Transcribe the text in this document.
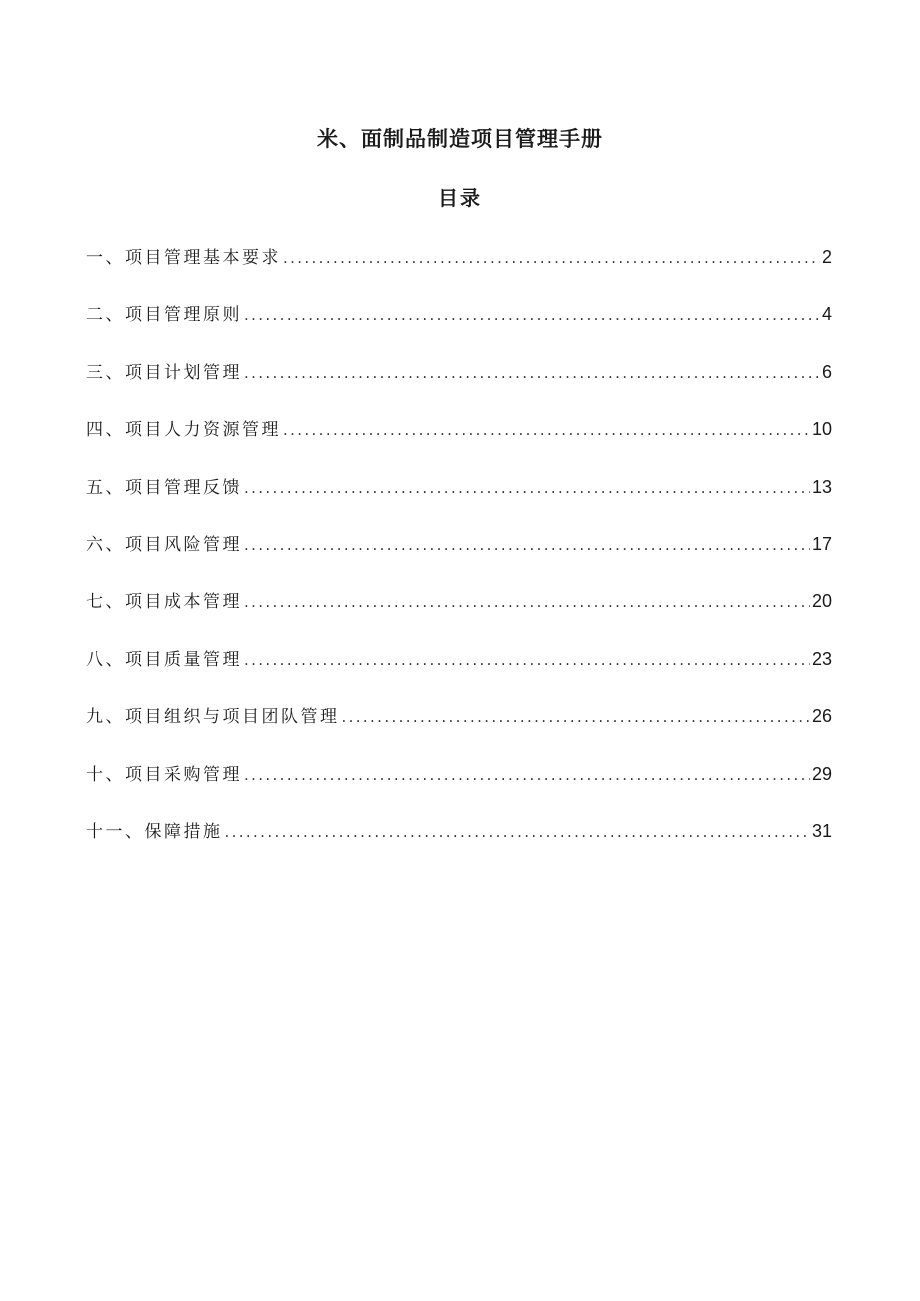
米、面制品制造项目管理手册
目录
一、项目管理基本要求 . . .	2
二、项目管理原则 . . .	4
三、项目计划管理 . . .	6
四、项目人力资源管理 . . .	10
五、项目管理反馈 . . .	13
六、项目风险管理 . . .	17
七、项目成本管理 . . .	20
八、项目质量管理 . . .	23
九、项目组织与项目团队管理 . . .	26
十、项目采购管理 . . .	29
十一、保障措施 . . .	31
